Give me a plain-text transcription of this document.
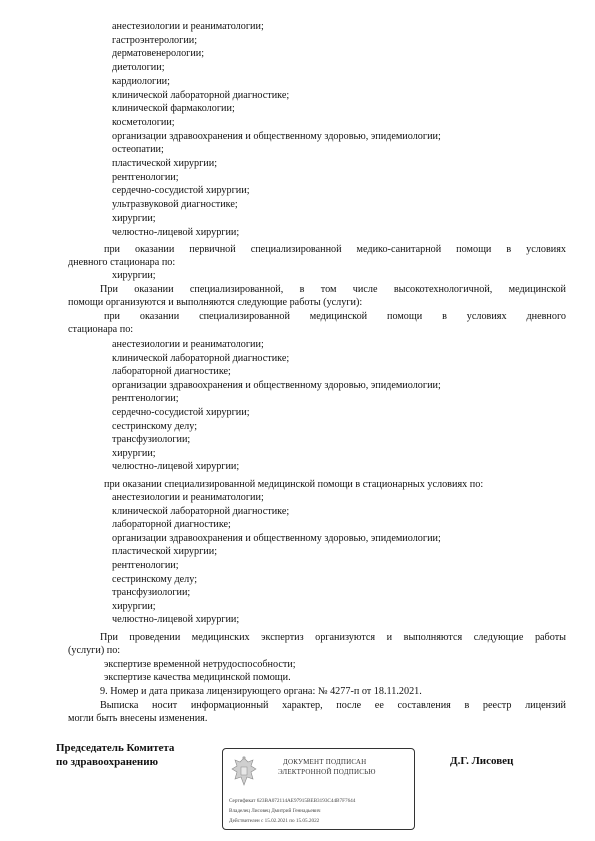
анестезиологии и реаниматологии;
гастроэнтерологии;
дерматовенерологии;
диетологии;
кардиологии;
клинической лабораторной диагностике;
клинической фармакологии;
косметологии;
организации здравоохранения и общественному здоровью, эпидемиологии;
остеопатии;
пластической хирургии;
рентгенологии;
сердечно-сосудистой хирургии;
ультразвуковой диагностике;
хирургии;
челюстно-лицевой хирургии;
при оказании первичной специализированной медико-санитарной помощи в условиях
дневного стационара по:
хирургии;
При оказании специализированной, в том числе высокотехнологичной, медицинской
помощи организуются и выполняются следующие работы (услуги):
при оказании специализированной медицинской помощи в условиях дневного
стационара по:
анестезиологии и реаниматологии;
клинической лабораторной диагностике;
лабораторной диагностике;
организации здравоохранения и общественному здоровью, эпидемиологии;
рентгенологии;
сердечно-сосудистой хирургии;
сестринскому делу;
трансфузиологии;
хирургии;
челюстно-лицевой хирургии;
при оказании специализированной медицинской помощи в стационарных условиях по:
анестезиологии и реаниматологии;
клинической лабораторной диагностике;
лабораторной диагностике;
организации здравоохранения и общественному здоровью, эпидемиологии;
пластической хирургии;
рентгенологии;
сестринскому делу;
трансфузиологии;
хирургии;
челюстно-лицевой хирургии;
При проведении медицинских экспертиз организуются и выполняются следующие работы
(услуги) по:
экспертизе временной нетрудоспособности;
экспертизе качества медицинской помощи.
9. Номер и дата приказа лицензирующего органа: № 4277-п от 18.11.2021.
Выписка носит информационный характер, после ее составления в реестр лицензий
могли быть внесены изменения.
Председатель Комитета
по здравоохранению	Д.Г. Лисовец
ДОКУМЕНТ ПОДПИСАН
ЭЛЕКТРОННОЙ ПОДПИСЬЮ
Сертификат 623BA072114AE97915BEB3193C44B7F7644
Владелец Лисовец Дмитрий Геннадьевич
Действителен с 15.02.2021 по 15.05.2022
